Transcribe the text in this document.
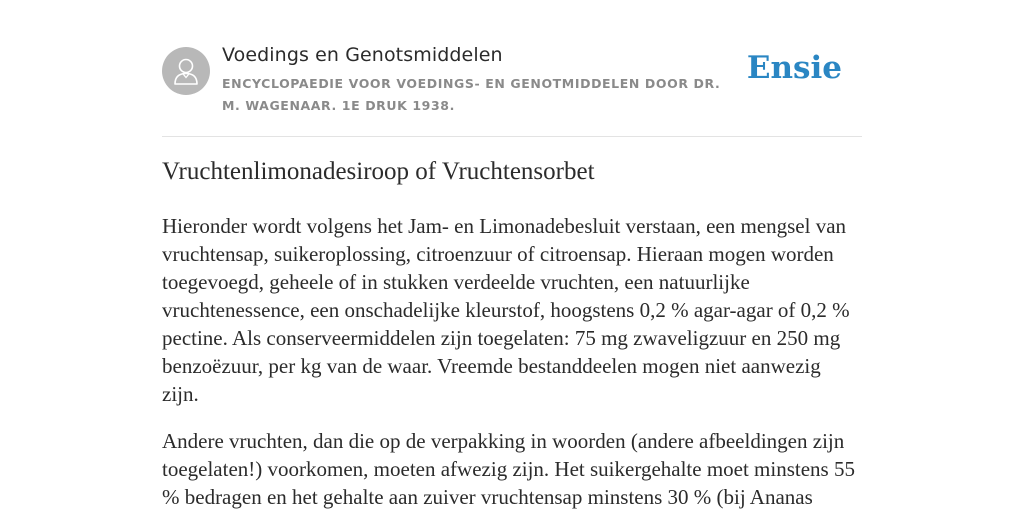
Voedings en Genotsmiddelen
ENCYCLOPAEDIE VOOR VOEDINGS- EN GENOTMIDDELEN DOOR DR. M. WAGENAAR. 1E DRUK 1938.
Ensie
Vruchtenlimonadesiroop of Vruchtensorbet

Hieronder wordt volgens het Jam- en Limonadebesluit verstaan, een mengsel van vruchtensap, suikeroplossing, citroenzuur of citroensap. Hieraan mogen worden toegevoegd, geheele of in stukken verdeelde vruchten, een natuurlijke vruchtenessence, een onschadelijke kleurstof, hoogstens 0,2 % agar-agar of 0,2 % pectine. Als conserveermiddelen zijn toegelaten: 75 mg zwaveligzuur en 250 mg benzoëzuur, per kg van de waar. Vreemde bestanddeelen mogen niet aanwezig zijn.

Andere vruchten, dan die op de verpakking in woorden (andere afbeeldingen zijn toegelaten!) voorkomen, moeten afwezig zijn. Het suikergehalte moet minstens 55 % bedragen en het gehalte aan zuiver vruchtensap minstens 30 % (bij Ananas
